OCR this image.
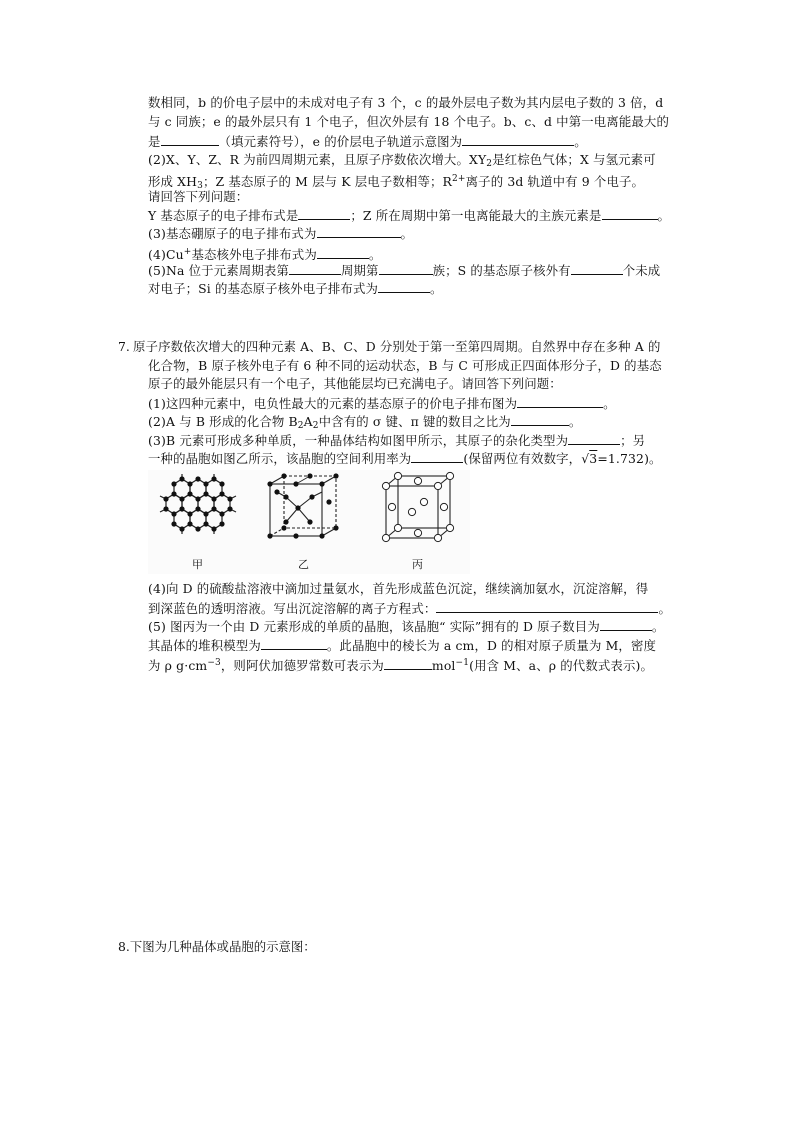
数相同，b 的价电子层中的未成对电子有 3 个，c 的最外层电子数为其内层电子数的 3 倍，d
与 c 同族；e 的最外层只有 1 个电子，但次外层有 18 个电子。b、c、d 中第一电离能最大的
是	（填元素符号），e 的价层电子轨道示意图为	。
(2)X、Y、Z、R 为前四周期元素，且原子序数依次增大。$XY_2$是红棕色气体；X 与氢元素可
形成 $XH_3$；Z 基态原子的 M 层与 K 层电子数相等；$R^{2+}$离子的 3d 轨道中有 9 个电子。
请回答下列问题：
Y 基态原子的电子排布式是	；Z 所在周期中第一电离能最大的主族元素是	。
(3)基态硼原子的电子排布式为	。
(4)Cu+基态核外电子排布式为	。
(5)Na 位于元素周期表第	周期第	族；S 的基态原子核外有	个未成
对电子；Si 的基态原子核外电子排布式为	。
7. 原子序数依次增大的四种元素 A、B、C、D 分别处于第一至第四周期。自然界中存在多种 A 的
化合物，B 原子核外电子有 6 种不同的运动状态，B 与 C 可形成正四面体形分子，D 的基态
原子的最外能层只有一个电子，其他能层均已充满电子。请回答下列问题：
(1)这四种元素中，电负性最大的元素的基态原子的价电子排布图为	。
(2)A 与 B 形成的化合物 $B_2A_2$中含有的 σ 键、π 键的数目之比为	。
(3)B 元素可形成多种单质，一种晶体结构如图甲所示，其原子的杂化类型为	；另
一种的晶胞如图乙所示，该晶胞的空间利用率为	(保留两位有效数字，√3=1.732)。
甲	乙	丙
(4)向 D 的硫酸盐溶液中滴加过量氨水，首先形成蓝色沉淀，继续滴加氨水，沉淀溶解，得
到深蓝色的透明溶液。写出沉淀溶解的离子方程式：	。
(5) 图丙为一个由 D 元素形成的单质的晶胞，该晶胞“ 实际”拥有的 D 原子数目为	。
其晶体的堆积模型为	。此晶胞中的棱长为 a cm，D 的相对原子质量为 M，密度
为 ρ $g\cdot cm^{-3}$，则阿伏加德罗常数可表示为	mol$^{-1}$(用含 M、a、ρ 的代数式表示)。
8.下图为几种晶体或晶胞的示意图：
